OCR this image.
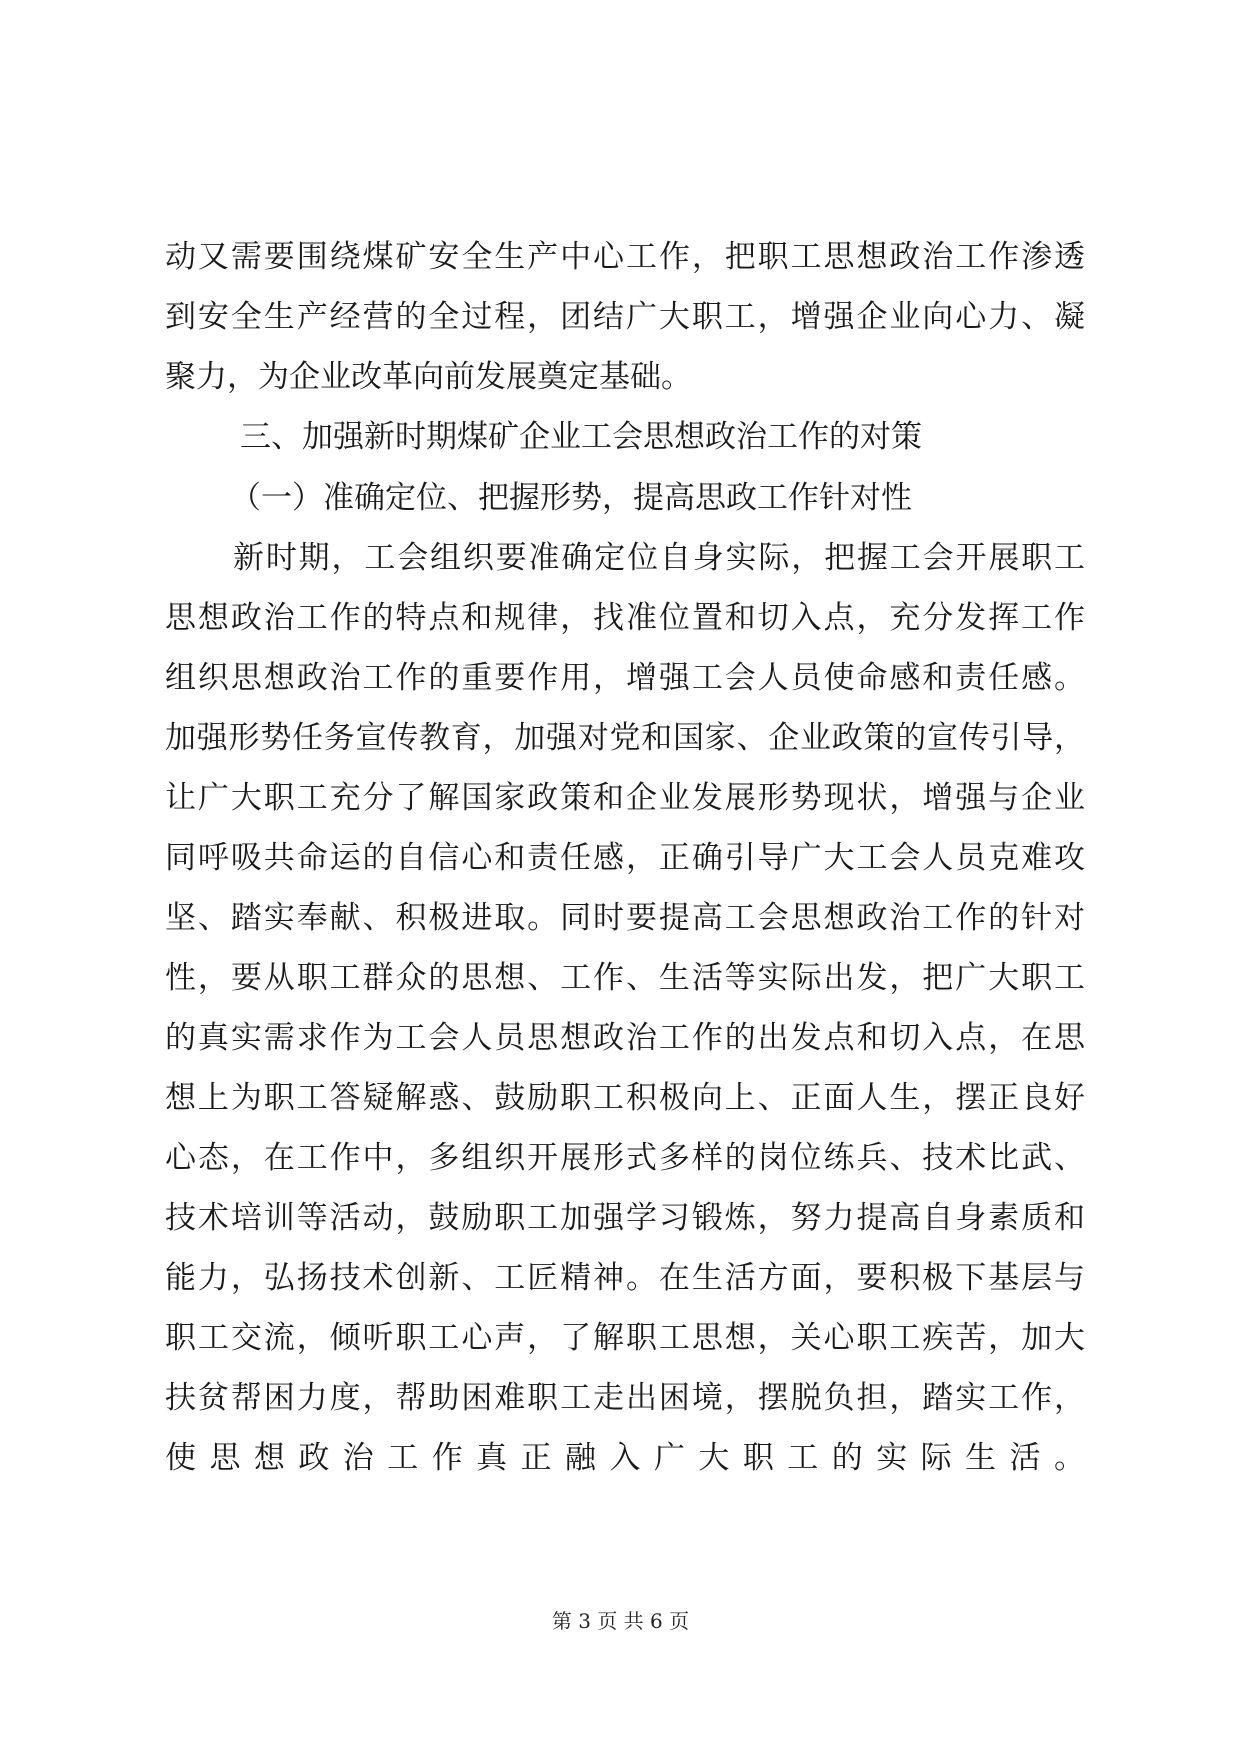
动又需要围绕煤矿安全生产中心工作，把职工思想政治工作渗透
到安全生产经营的全过程，团结广大职工，增强企业向心力、凝
聚力，为企业改革向前发展奠定基础。
三、加强新时期煤矿企业工会思想政治工作的对策
（一）准确定位、把握形势，提高思政工作针对性
新时期，工会组织要准确定位自身实际，把握工会开展职工
思想政治工作的特点和规律，找准位置和切入点，充分发挥工作
组织思想政治工作的重要作用，增强工会人员使命感和责任感。
加强形势任务宣传教育，加强对党和国家、企业政策的宣传引导，
让广大职工充分了解国家政策和企业发展形势现状，增强与企业
同呼吸共命运的自信心和责任感，正确引导广大工会人员克难攻
坚、踏实奉献、积极进取。同时要提高工会思想政治工作的针对
性，要从职工群众的思想、工作、生活等实际出发，把广大职工
的真实需求作为工会人员思想政治工作的出发点和切入点，在思
想上为职工答疑解惑、鼓励职工积极向上、正面人生，摆正良好
心态，在工作中，多组织开展形式多样的岗位练兵、技术比武、
技术培训等活动，鼓励职工加强学习锻炼，努力提高自身素质和
能力，弘扬技术创新、工匠精神。在生活方面，要积极下基层与
职工交流，倾听职工心声，了解职工思想，关心职工疾苦，加大
扶贫帮困力度，帮助困难职工走出困境，摆脱负担，踏实工作，
使思想政治工作真正融入广大职工的实际生活。
第 3 页 共 6 页
